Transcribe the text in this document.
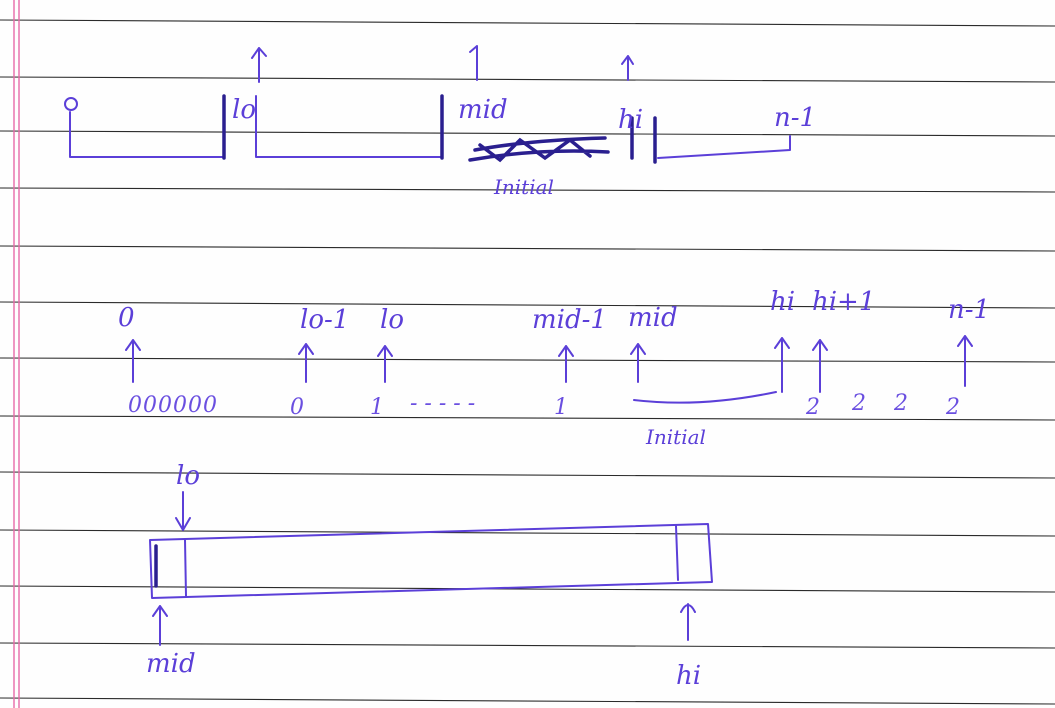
lo	mid	hi	n-1
Initial
0	lo-1 lo	mid-1 mid
hi hi+1	n-1
000000	0	1 - - - - -	1
Initial
2 2 2 2
lo
mid	hi
